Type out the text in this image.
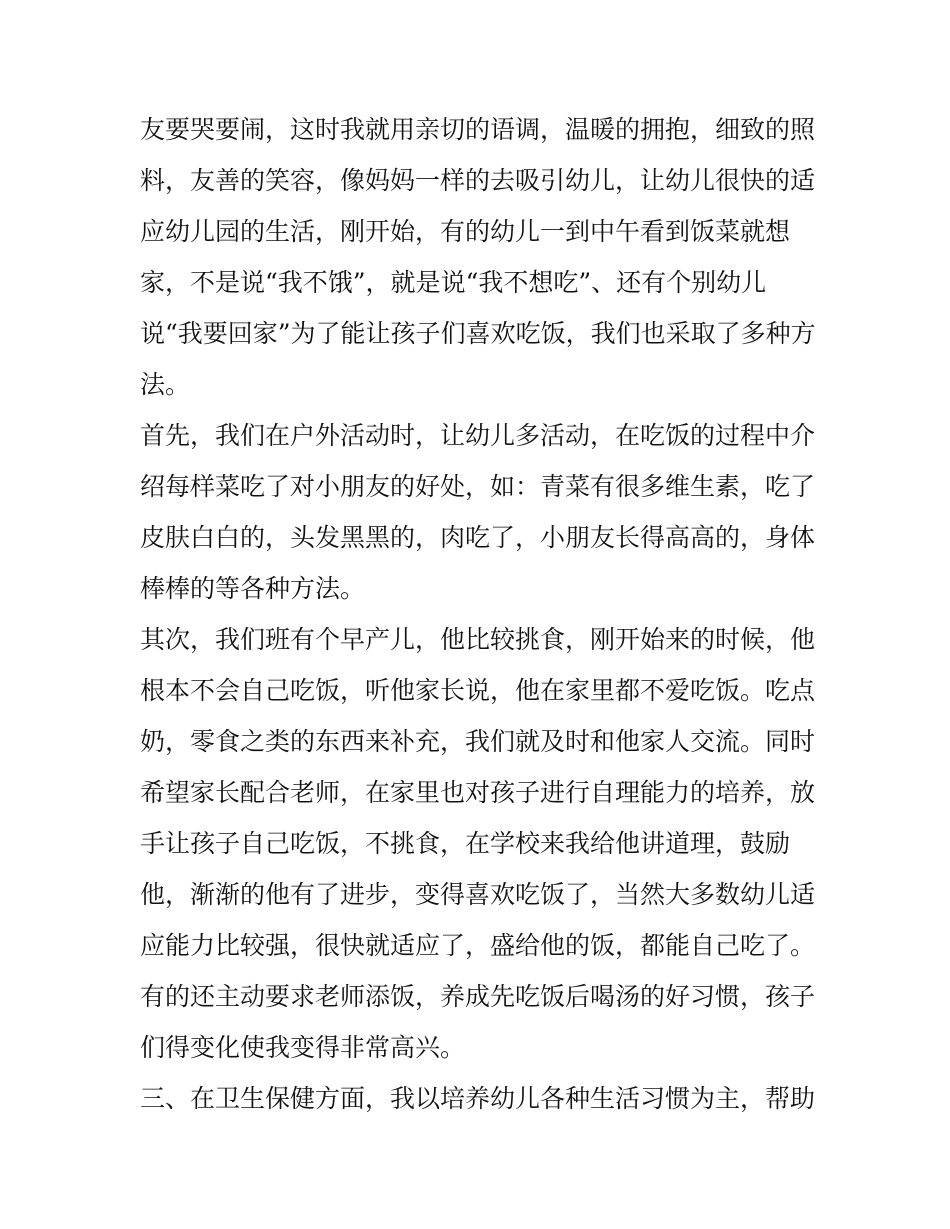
友要哭要闹，这时我就用亲切的语调，温暖的拥抱，细致的照
料，友善的笑容，像妈妈一样的去吸引幼儿，让幼儿很快的适
应幼儿园的生活，刚开始，有的幼儿一到中午看到饭菜就想
家，不是说“我不饿”，就是说“我不想吃”、还有个别幼儿
说“我要回家”为了能让孩子们喜欢吃饭，我们也采取了多种方
法。
首先，我们在户外活动时，让幼儿多活动，在吃饭的过程中介
绍每样菜吃了对小朋友的好处，如：青菜有很多维生素，吃了
皮肤白白的，头发黑黑的，肉吃了，小朋友长得高高的，身体
棒棒的等各种方法。
其次，我们班有个早产儿，他比较挑食，刚开始来的时候，他
根本不会自己吃饭，听他家长说，他在家里都不爱吃饭。吃点
奶，零食之类的东西来补充，我们就及时和他家人交流。同时
希望家长配合老师，在家里也对孩子进行自理能力的培养，放
手让孩子自己吃饭，不挑食，在学校来我给他讲道理，鼓励
他，渐渐的他有了进步，变得喜欢吃饭了，当然大多数幼儿适
应能力比较强，很快就适应了，盛给他的饭，都能自己吃了。
有的还主动要求老师添饭，养成先吃饭后喝汤的好习惯，孩子
们得变化使我变得非常高兴。
三、在卫生保健方面，我以培养幼儿各种生活习惯为主，帮助
